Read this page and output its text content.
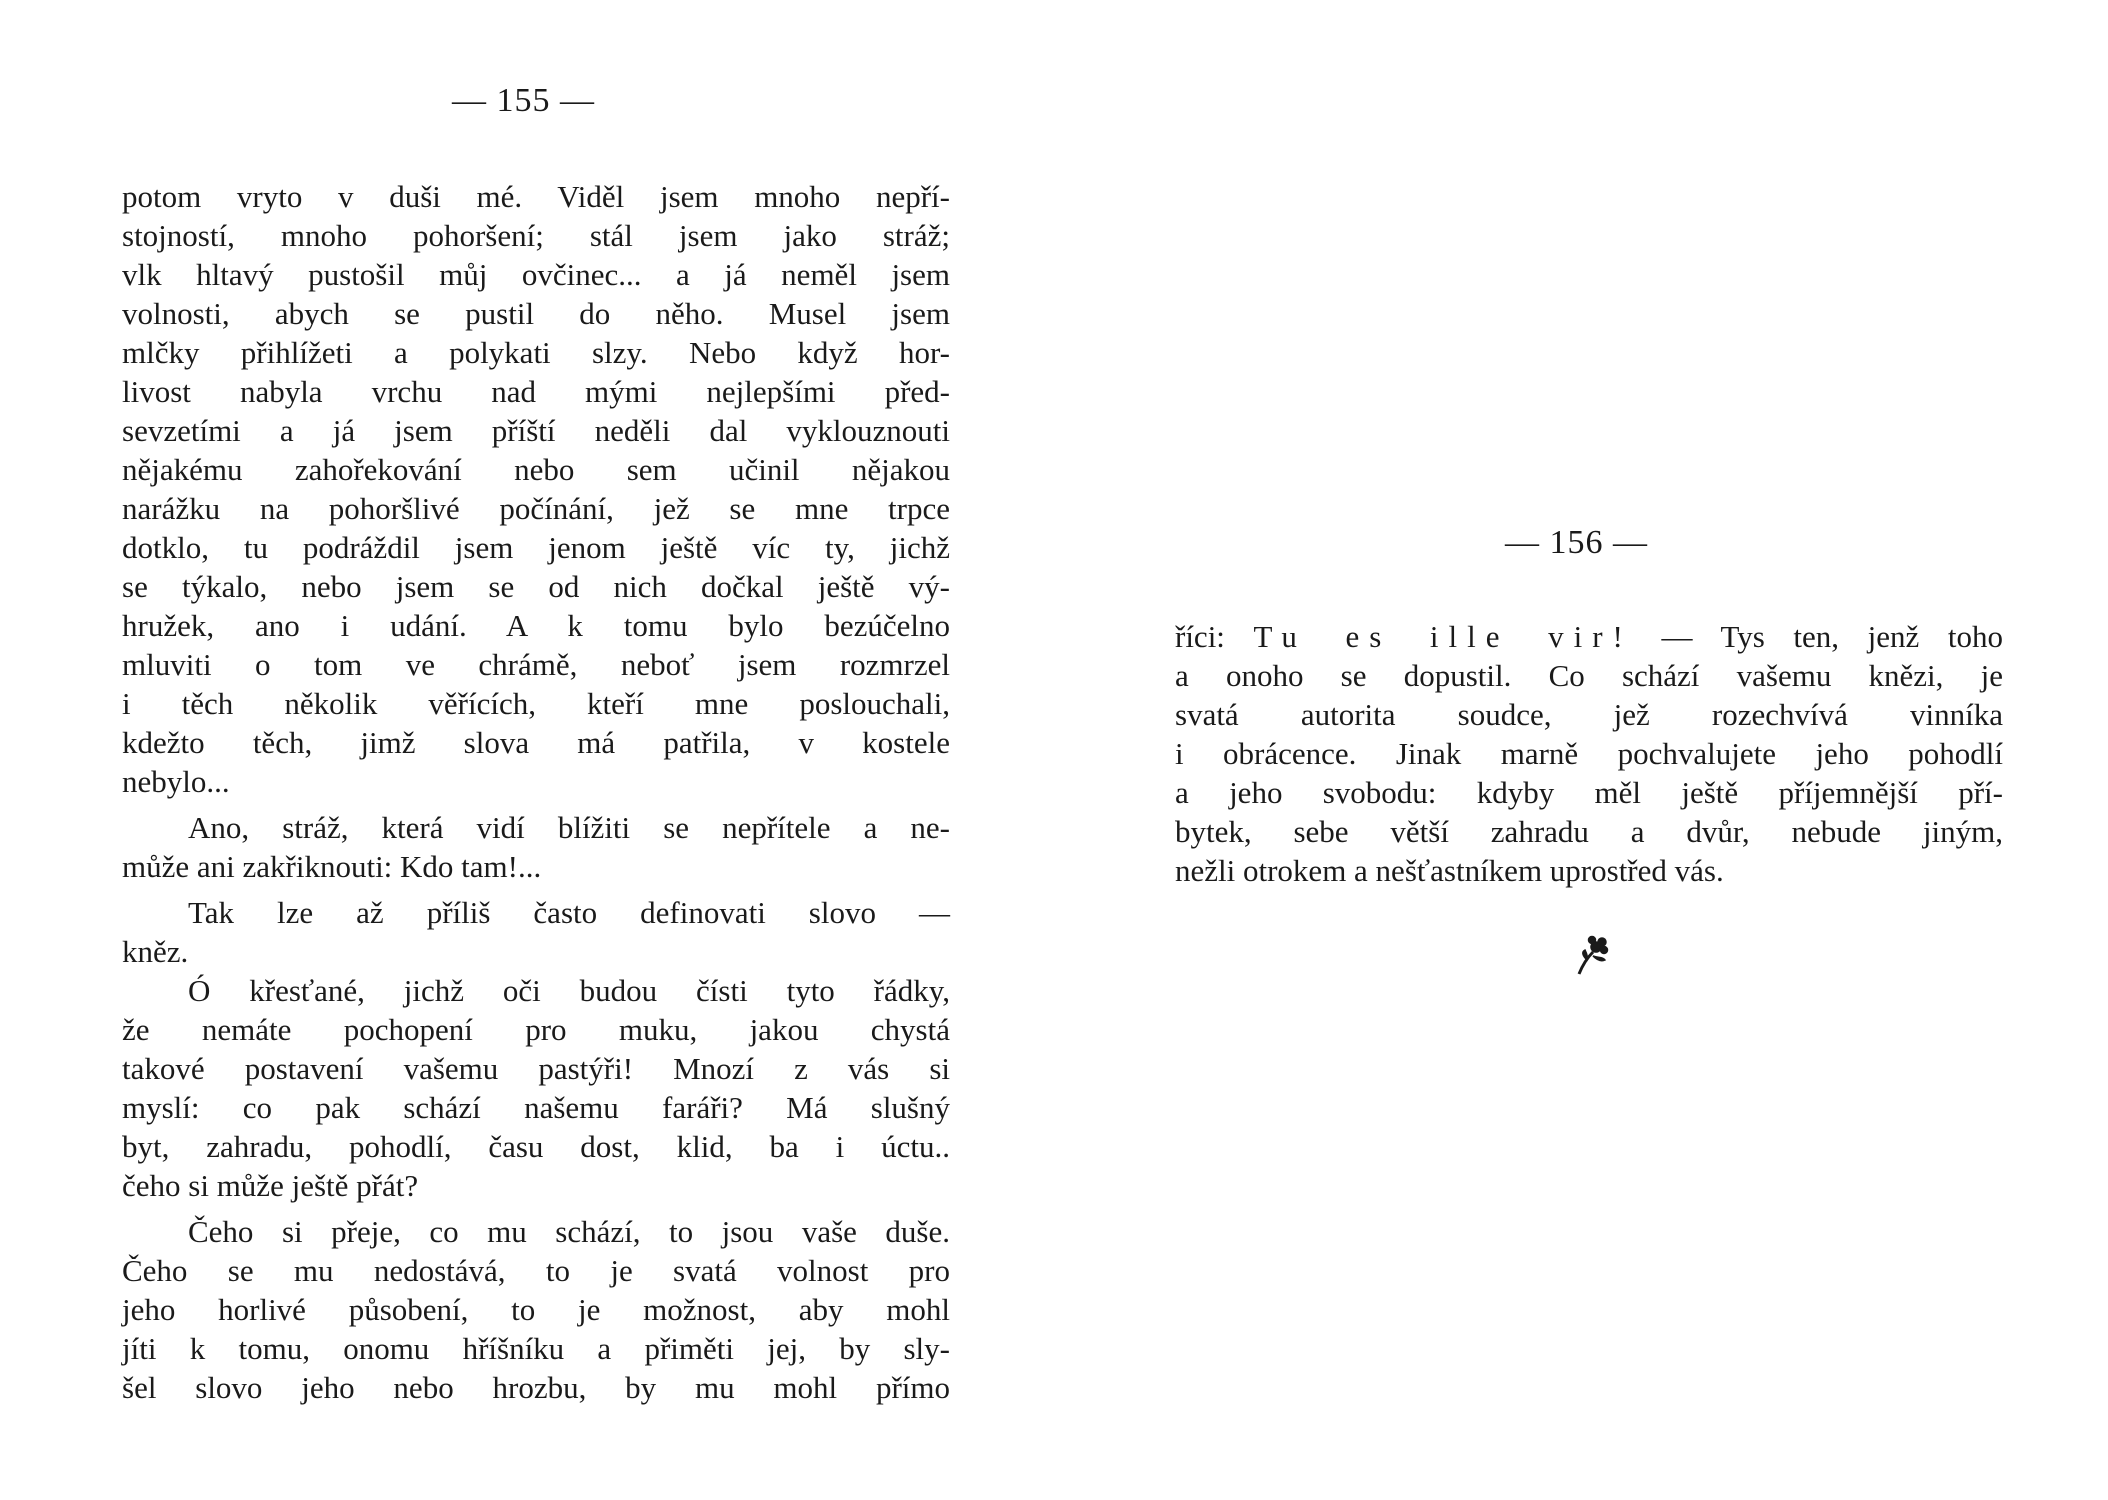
— 155 —
potom vryto v duši mé. Viděl jsem mnoho nepří-
stojností, mnoho pohoršení; stál jsem jako stráž;
vlk hltavý pustošil můj ovčinec... a já neměl jsem
volnosti, abych se pustil do něho. Musel jsem
mlčky přihlížeti a polykati slzy. Nebo když hor-
livost nabyla vrchu nad mými nejlepšími před-
sevzetími a já jsem příští neděli dal vyklouznouti
nějakému zahořekování nebo sem učinil nějakou
narážku na pohoršlivé počínání, jež se mne trpce
dotklo, tu podráždil jsem jenom ještě víc ty, jichž
se týkalo, nebo jsem se od nich dočkal ještě vý-
hružek, ano i udání. A k tomu bylo bezúčelno
mluviti o tom ve chrámě, neboť jsem rozmrzel
i těch několik věřících, kteří mne poslouchali,
kdežto těch, jimž slova má patřila, v kostele
nebylo...
Ano, stráž, která vidí blížiti se nepřítele a ne-
může ani zakřiknouti: Kdo tam!...
Tak lze až příliš často definovati slovo —
kněz.
Ó křesťané, jichž oči budou čísti tyto řádky,
že nemáte pochopení pro muku, jakou chystá
takové postavení vašemu pastýři! Mnozí z vás si
myslí: co pak schází našemu faráři? Má slušný
byt, zahradu, pohodlí, času dost, klid, ba i úctu..
čeho si může ještě přát?
Čeho si přeje, co mu schází, to jsou vaše duše.
Čeho se mu nedostává, to je svatá volnost pro
jeho horlivé působení, to je možnost, aby mohl
jíti k tomu, onomu hříšníku a přiměti jej, by sly-
šel slovo jeho nebo hrozbu, by mu mohl přímo
— 156 —
říci: Tu es ille vir! — Tys ten, jenž toho
a onoho se dopustil. Co schází vašemu knězi, je
svatá autorita soudce, jež rozechvívá vinníka
i obrácence. Jinak marně pochvalujete jeho pohodlí
a jeho svobodu: kdyby měl ještě příjemnější pří-
bytek, sebe větší zahradu a dvůr, nebude jiným,
nežli otrokem a nešťastníkem uprostřed vás.
